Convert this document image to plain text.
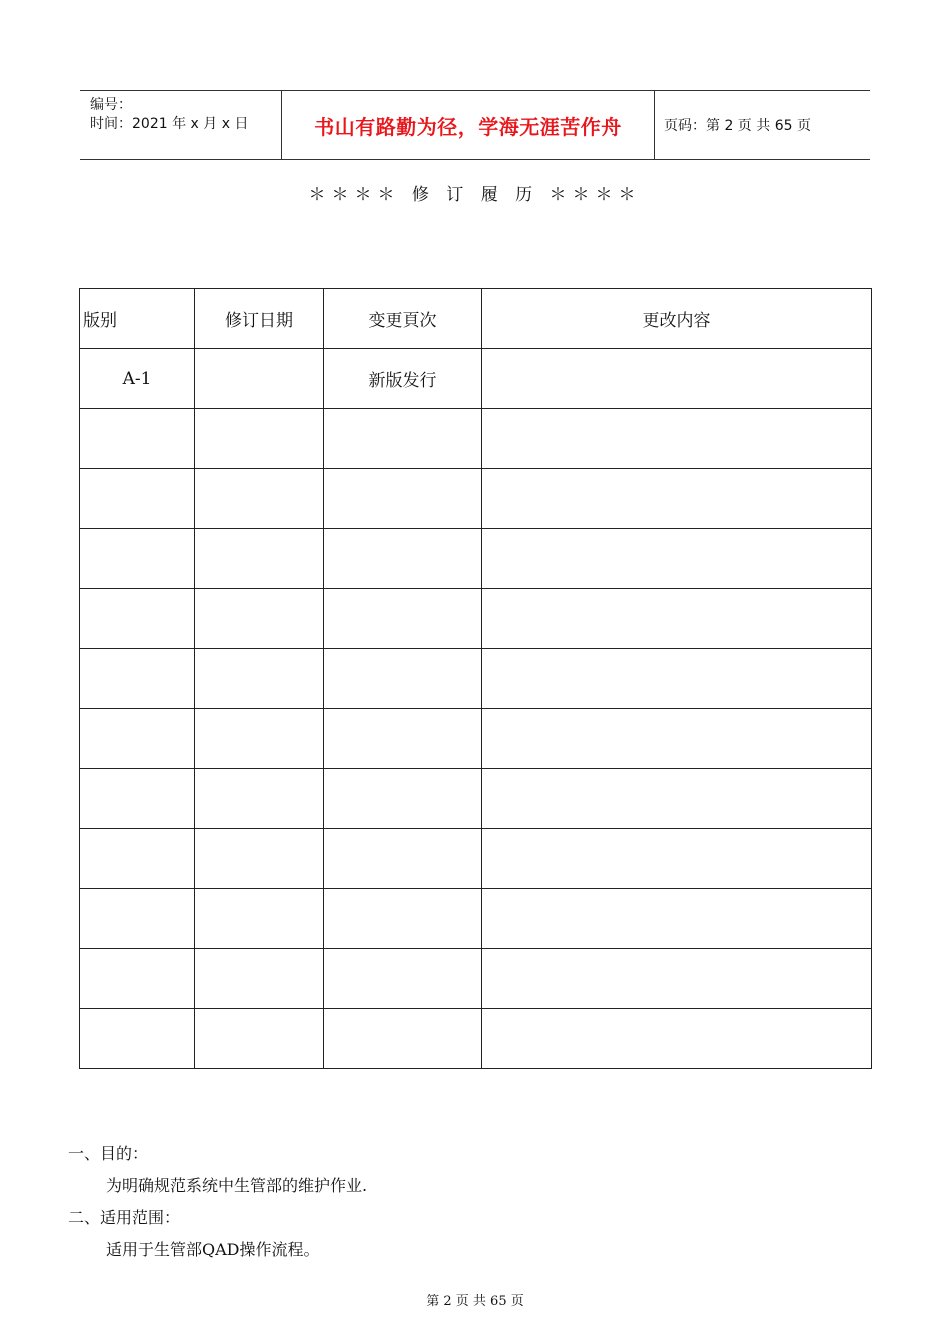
编号：
时间：2021 年 x 月 x 日	书山有路勤为径，学海无涯苦作舟	页码：第 2 页 共 65 页
＊＊＊＊ 修 订 履 历 ＊＊＊＊
版别	修订日期	变更頁次	更改内容
A-1		新版发行	

一、目的：
为明确规范系统中生管部的维护作业.
二、适用范围：
适用于生管部QAD操作流程。
第 2 页 共 65 页
